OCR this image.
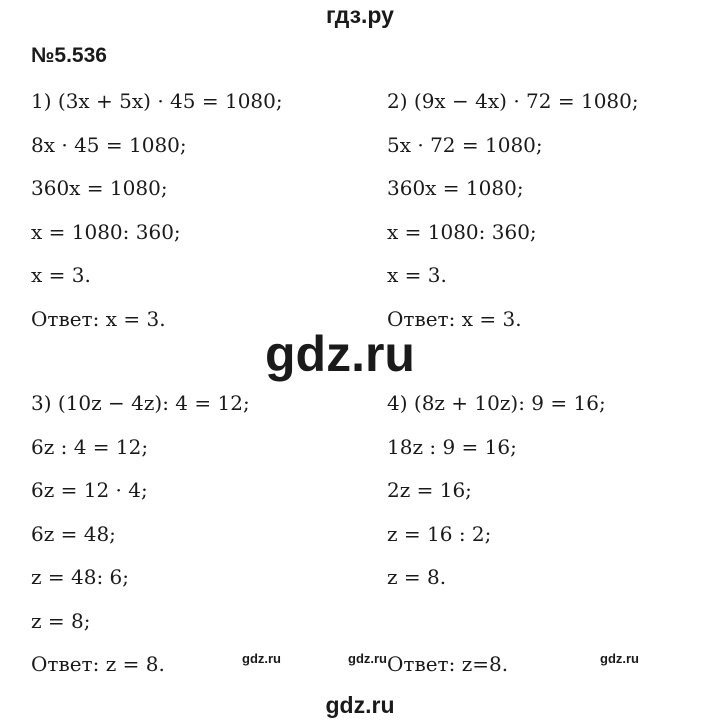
гдз.ру
gdz.ru
gdz.ru
gdz.ru	gdz.ru	gdz.ru
№5.536
1) (3x + 5x) · 45 = 1080;
8x · 45 = 1080;
360x = 1080;
x = 1080: 360;
x = 3.
Ответ: x = 3.
2) (9x − 4x) · 72 = 1080;
5x · 72 = 1080;
360x = 1080;
x = 1080: 360;
x = 3.
Ответ: x = 3.
3) (10z − 4z): 4 = 12;
6z : 4 = 12;
6z = 12 · 4;
6z = 48;
z = 48: 6;
z = 8;
Ответ: z = 8.
4) (8z + 10z): 9 = 16;
18z : 9 = 16;
2z = 16;
z = 16 : 2;
z = 8.
Ответ: z=8.
